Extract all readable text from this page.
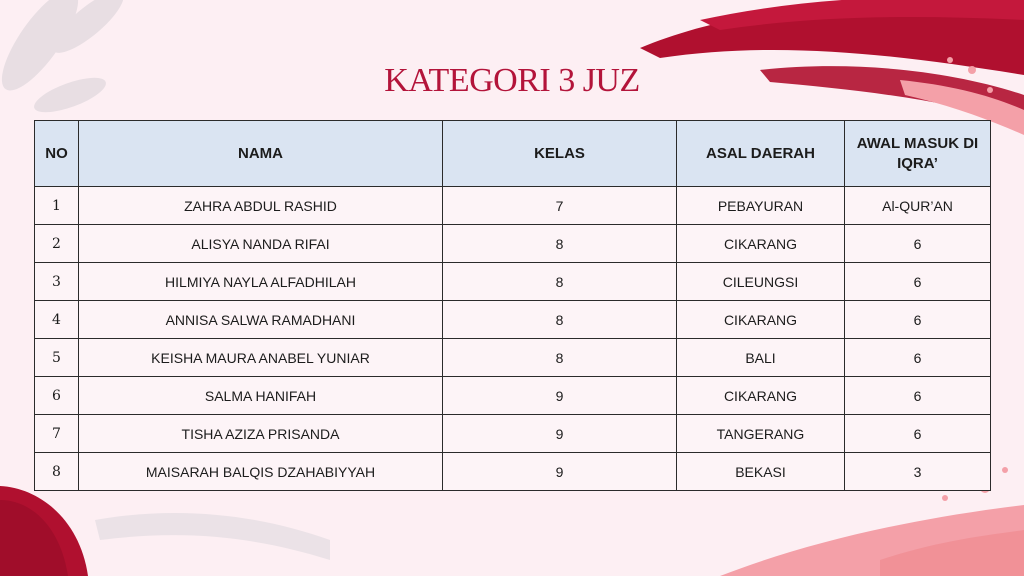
KATEGORI 3 JUZ
NO	NAMA	KELAS	ASAL DAERAH	AWAL MASUK DI IQRA’
1	ZAHRA ABDUL RASHID	7	PEBAYURAN	Al-QUR’AN
2	ALISYA NANDA RIFAI	8	CIKARANG	6
3	HILMIYA NAYLA ALFADHILAH	8	CILEUNGSI	6
4	ANNISA SALWA RAMADHANI	8	CIKARANG	6
5	KEISHA MAURA ANABEL YUNIAR	8	BALI	6
6	SALMA HANIFAH	9	CIKARANG	6
7	TISHA AZIZA PRISANDA	9	TANGERANG	6
8	MAISARAH BALQIS DZAHABIYYAH	9	BEKASI	3
